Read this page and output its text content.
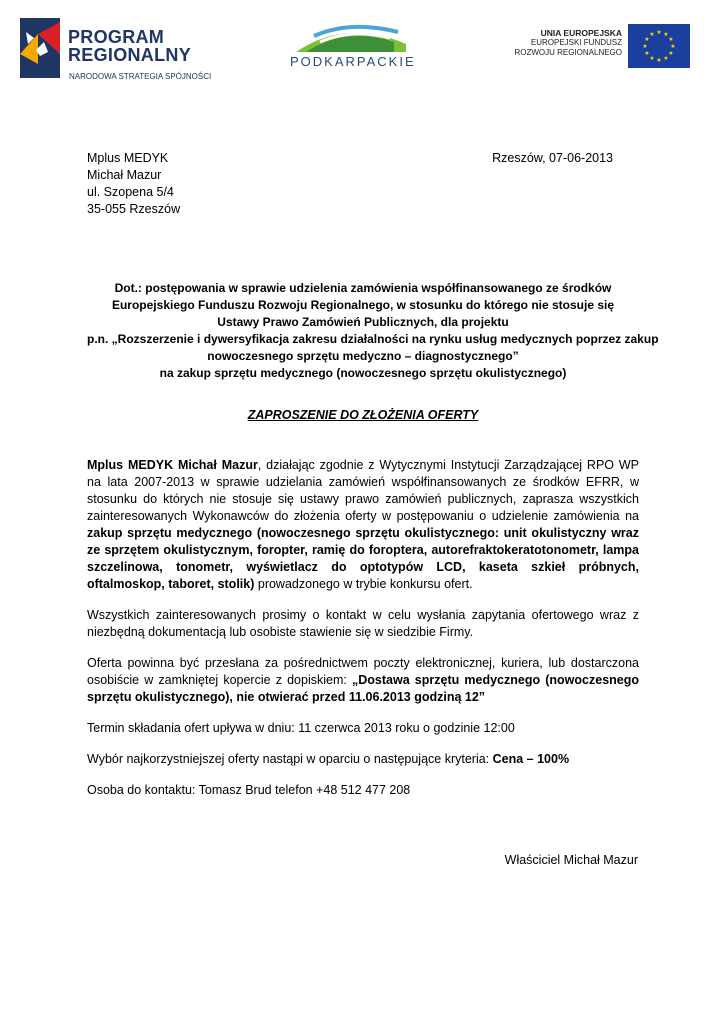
PROGRAM
REGIONALNY
NARODOWA STRATEGIA SPÓJNOŚCI
PODKARPACKIE
UNIA EUROPEJSKA
EUROPEJSKI FUNDUSZ
ROZWOJU REGIONALNEGO
★ ★
★
★
★
★
★
★
★
★
★
★
Mplus MEDYK
Michał Mazur
ul. Szopena 5/4
35-055 Rzeszów
Rzeszów, 07-06-2013
Dot.: postępowania w sprawie udzielenia zamówienia współfinansowanego ze środków
Europejskiego Funduszu Rozwoju Regionalnego, w stosunku do którego nie stosuje się
Ustawy Prawo Zamówień Publicznych, dla projektu
p.n. „Rozszerzenie i dywersyfikacja zakresu działalności na rynku usług medycznych poprzez zakup
nowoczesnego sprzętu medyczno – diagnostycznego”
na zakup sprzętu medycznego (nowoczesnego sprzętu okulistycznego)
ZAPROSZENIE DO ZŁOŻENIA OFERTY

Mplus MEDYK Michał Mazur, działając zgodnie z Wytycznymi Instytucji Zarządzającej RPO WP na lata 2007-2013 w sprawie udzielania zamówień współfinansowanych ze środków EFRR, w stosunku do których nie stosuje się ustawy prawo zamówień publicznych, zaprasza wszystkich zainteresowanych Wykonawców do złożenia oferty w postępowaniu o udzielenie zamówienia na zakup sprzętu medycznego (nowoczesnego sprzętu okulistycznego: unit okulistyczny wraz ze sprzętem okulistycznym, foropter, ramię do foroptera, autorefraktokeratotonometr, lampa szczelinowa, tonometr, wyświetlacz do optotypów LCD, kaseta szkieł próbnych, oftalmoskop, taboret, stolik) prowadzonego w trybie konkursu ofert.

Wszystkich zainteresowanych prosimy o kontakt w celu wysłania zapytania ofertowego wraz z niezbędną dokumentacją lub osobiste stawienie się w siedzibie Firmy.

Oferta powinna być przesłana za pośrednictwem poczty elektronicznej, kuriera, lub dostarczona osobiście w zamkniętej kopercie z dopiskiem: „Dostawa sprzętu medycznego (nowoczesnego sprzętu okulistycznego), nie otwierać przed 11.06.2013 godziną 12”

Termin składania ofert upływa w dniu: 11 czerwca 2013 roku o godzinie 12:00

Wybór najkorzystniejszej oferty nastąpi w oparciu o następujące kryteria: Cena – 100%

Osoba do kontaktu: Tomasz Brud telefon +48 512 477 208

Właściciel Michał Mazur
